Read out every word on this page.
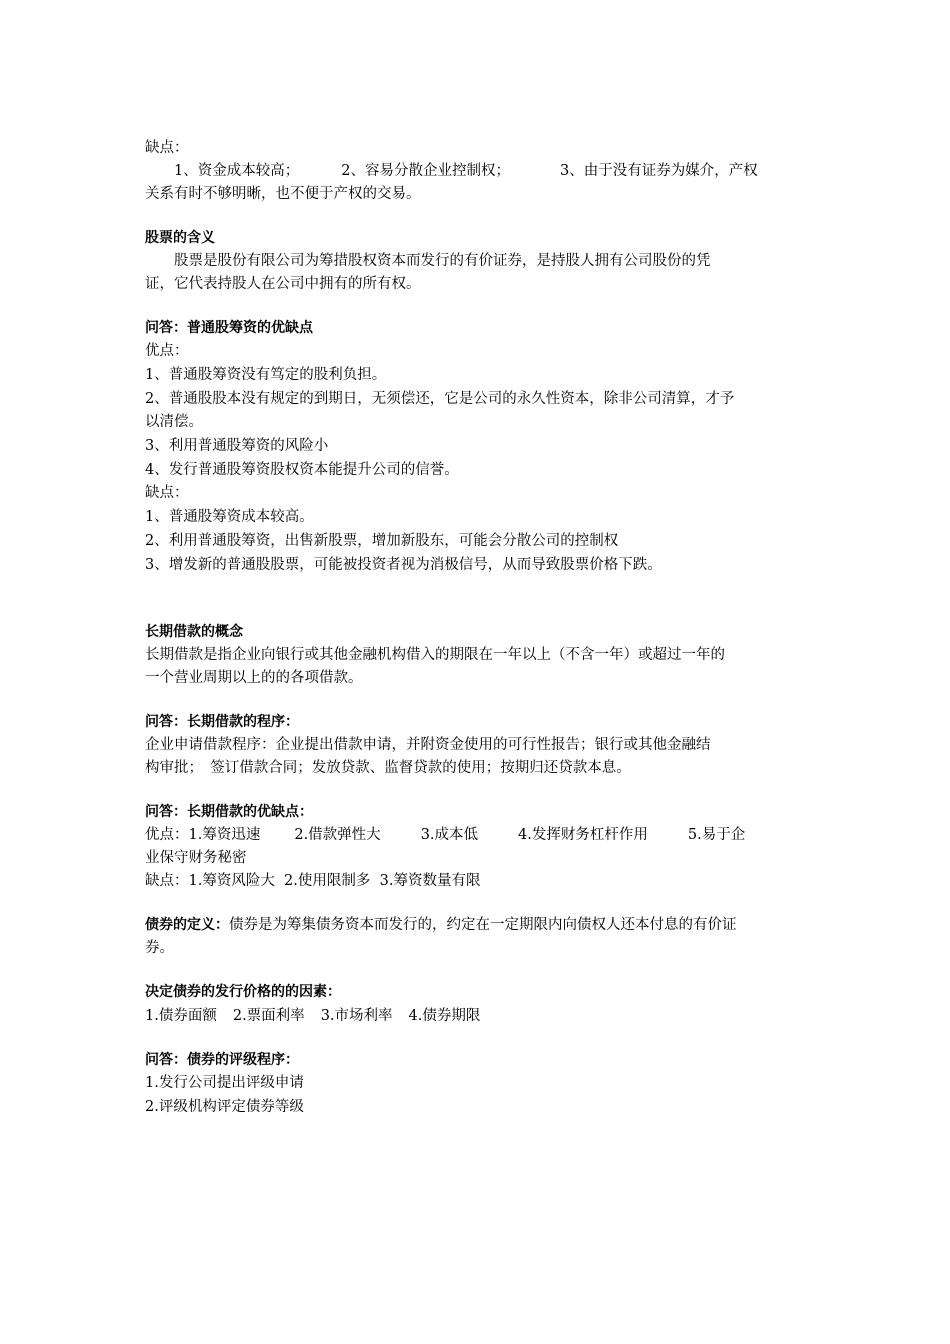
缺点：
1、资金成本较高；	2、容易分散企业控制权；	3、由于没有证券为媒介，产权
关系有时不够明晰，也不便于产权的交易。
股票的含义
股票是股份有限公司为筹措股权资本而发行的有价证券，是持股人拥有公司股份的凭
证，它代表持股人在公司中拥有的所有权。
问答：普通股筹资的优缺点
优点：
1、普通股筹资没有笃定的股利负担。
2、普通股股本没有规定的到期日，无须偿还，它是公司的永久性资本，除非公司清算，才予
以清偿。
3、利用普通股筹资的风险小
4、发行普通股筹资股权资本能提升公司的信誉。
缺点：
1、普通股筹资成本较高。
2、利用普通股筹资，出售新股票，增加新股东，可能会分散公司的控制权
3、增发新的普通股股票，可能被投资者视为消极信号，从而导致股票价格下跌。
长期借款的概念
长期借款是指企业向银行或其他金融机构借入的期限在一年以上（不含一年）或超过一年的
一个营业周期以上的的各项借款。
问答：长期借款的程序：
企业申请借款程序：企业提出借款申请，并附资金使用的可行性报告；银行或其他金融结
构审批；　签订借款合同；发放贷款、监督贷款的使用；按期归还贷款本息。
问答：长期借款的优缺点：
优点：1.筹资迅速 2.借款弹性大	3.成本低	4.发挥财务杠杆作用	5.易于企
业保守财务秘密
缺点：1.筹资风险大  2.使用限制多  3.筹资数量有限
债券的定义：债券是为筹集债务资本而发行的，约定在一定期限内向债权人还本付息的有价证
券。
决定债券的发行价格的的因素：
1.债券面额 2.票面利率 3.市场利率 4.债券期限
问答：债券的评级程序：
1.发行公司提出评级申请
2.评级机构评定债券等级
